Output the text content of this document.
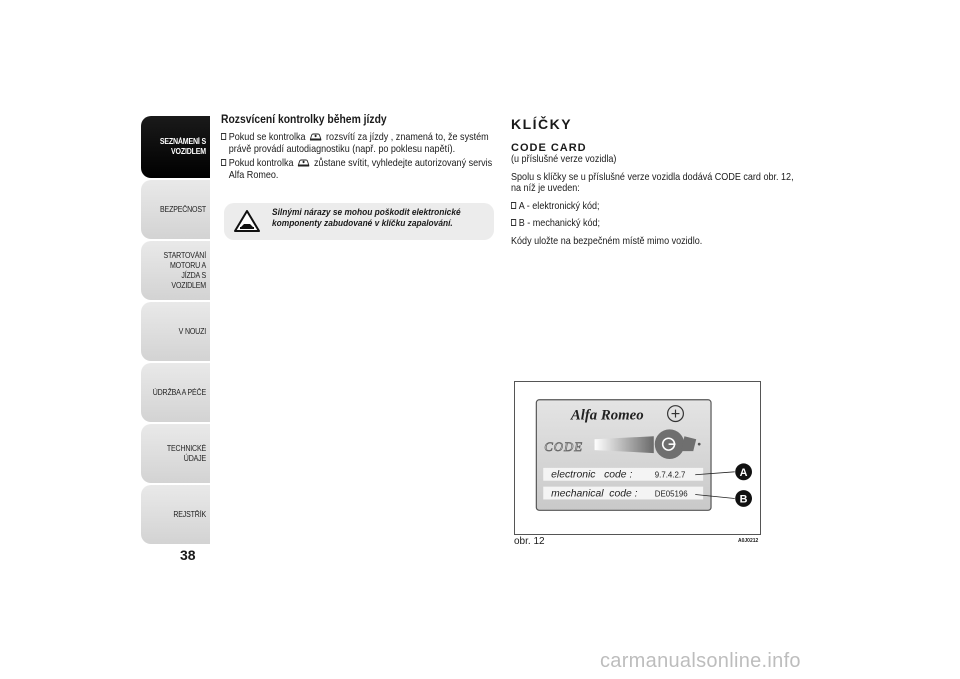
SEZNÁMENÍ S VOZIDLEM
BEZPEČNOST
STARTOVÁNÍ MOTORU A JÍZDA S VOZIDLEM
V NOUZI
ÚDRŽBA A PÉČE
TECHNICKÉ ÚDAJE
REJSTŘÍK
38
Rozsvícení kontrolky během jízdy
Pokud se kontrolka rozsvítí za jízdy , znamená to, že systém právě provádí autodiagnostiku (např. po poklesu napětí).
Pokud kontrolka zůstane svítit, vyhledejte autorizovaný servis Alfa Romeo.
Silnými nárazy se mohou poškodit elektronické komponenty zabudované v klíčku zapalování.
KLÍČKY
CODE CARD
(u příslušné verze vozidla)
Spolu s klíčky se u příslušné verze vozidla dodává CODE card obr. 12, na níž je uveden:
A - elektronický kód;
B - mechanický kód;
Kódy uložte na bezpečném místě mimo vozidlo.
Alfa Romeo
CODE
electronic   code :	9.7.4.2.7
mechanical  code : DE05196
A
B
obr. 12	A0J0212
carmanualsonline.info
